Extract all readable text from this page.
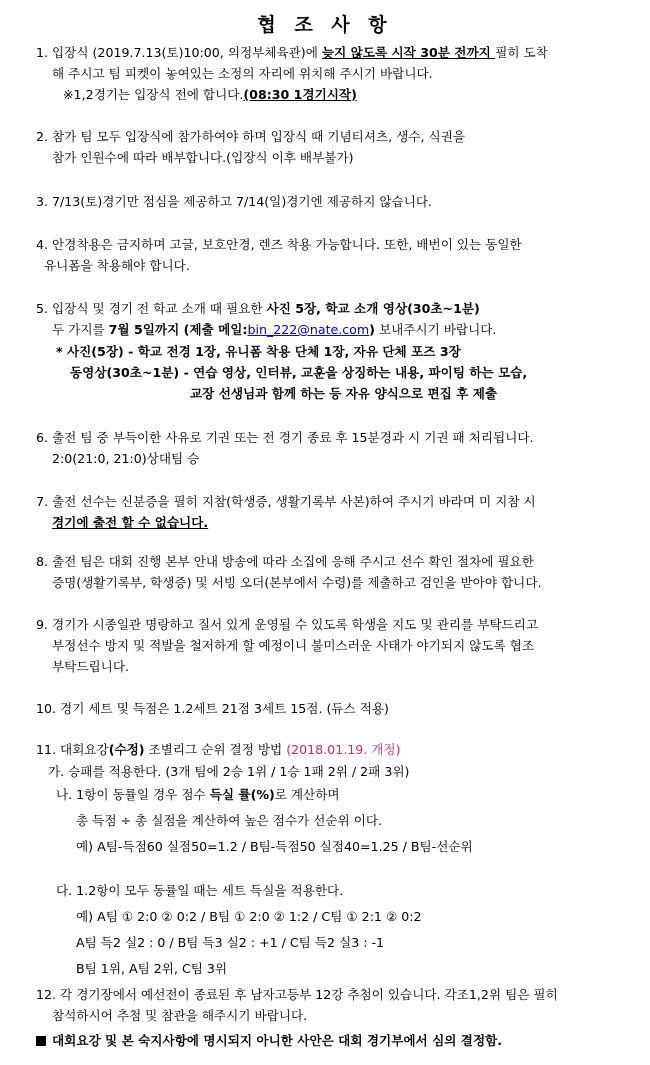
협 조 사 항
1. 입장식 (2019.7.13(토)10:00, 의정부체육관)에 늦지 않도록 시작 30분 전까지 필히 도착
해 주시고 팀 피켓이 놓여있는 소정의 자리에 위치해 주시기 바랍니다.
※1,2경기는 입장식 전에 합니다.(08:30 1경기시작)
2. 참가 팀 모두 입장식에 참가하여야 하며 입장식 때 기념티셔츠, 생수, 식권을
참가 인원수에 따라 배부합니다.(입장식 이후 배부불가)
3. 7/13(토)경기만 점심을 제공하고 7/14(일)경기엔 제공하지 않습니다.
4. 안경착용은 금지하며 고글, 보호안경, 렌즈 착용 가능합니다. 또한, 배번이 있는 동일한
유니폼을 착용해야 합니다.
5. 입장식 및 경기 전 학교 소개 때 필요한 사진 5장, 학교 소개 영상(30초~1분)
두 가지를 7월 5일까지 (제출 메일:bin_222@nate.com) 보내주시기 바랍니다.
* 사진(5장) - 학교 전경 1장, 유니폼 착용 단체 1장, 자유 단체 포즈 3장
동영상(30초~1분) - 연습 영상, 인터뷰, 교훈을 상징하는 내용, 파이팅 하는 모습,
교장 선생님과 함께 하는 등 자유 양식으로 편집 후 제출
6. 출전 팀 중 부득이한 사유로 기권 또는 전 경기 종료 후 15분경과 시 기권 패 처리됩니다.
2:0(21:0, 21:0)상대팀 승
7. 출전 선수는 신분증을 필히 지참(학생증, 생활기록부 사본)하여 주시기 바라며 미 지참 시
경기에 출전 할 수 없습니다.
8. 출전 팀은 대회 진행 본부 안내 방송에 따라 소집에 응해 주시고 선수 확인 절차에 필요한
증명(생활기록부, 학생증) 및 서빙 오더(본부에서 수령)를 제출하고 검인을 받아야 합니다.
9. 경기가 시종일관 명랑하고 질서 있게 운영될 수 있도록 학생을 지도 및 관리를 부탁드리고
부정선수 방지 및 적발을 철저하게 할 예정이니 불미스러운 사태가 야기되지 않도록 협조
부탁드립니다.
10. 경기 세트 및 득점은 1.2세트 21점 3세트 15점. (듀스 적용)
11. 대회요강(수정) 조별리그 순위 결정 방법 (2018.01.19. 개정)
가. 승패를 적용한다. (3개 팀에 2승 1위 / 1승 1패 2위 / 2패 3위)
나. 1항이 동률일 경우 점수 득실 률(%)로 계산하며
총 득점 ÷ 총 실점을 계산하여 높은 점수가 선순위 이다.
예) A팀-득점60 실점50=1.2 / B팀-득점50 실점40=1.25 / B팀-선순위
다. 1.2항이 모두 동률일 때는 세트 득실을 적용한다.
예) A팀 ① 2:0 ② 0:2 / B팀 ① 2:0 ② 1:2 / C팀 ① 2:1 ② 0:2
A팀 득2 실2 : 0 / B팀 득3 실2 : +1 / C팀 득2 실3 : -1
B팀 1위, A팀 2위, C팀 3위
12. 각 경기장에서 예선전이 종료된 후 남자고등부 12강 추첨이 있습니다. 각조1,2위 팀은 필히
참석하시어 추첨 및 참관을 해주시기 바랍니다.
대회요강 및 본 숙지사항에 명시되지 아니한 사안은 대회 경기부에서 심의 결정함.
